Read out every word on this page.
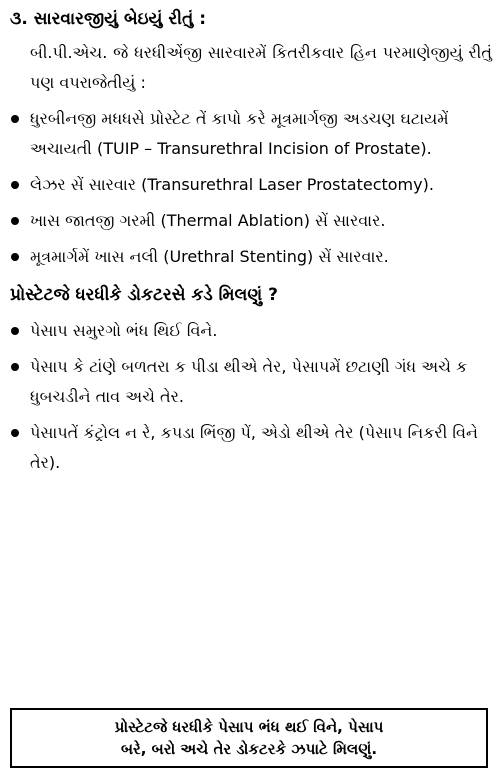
૩. સારવારજીયું બેઇયું રીતું :
બી.પી.એચ. જે ધરધીએંજી સારવારમેં કિતરીકવાર હિન પરમાણેજીયું રીતું પણ વપરાજેતીયું :
ધુરબીનજી મધધસે પ્રોસ્ટેટ તેં કાપો કરે મૂત્રમાર્ગજી અડચણ ઘટાયમેં અચાયતી (TUIP – Transurethral Incision of Prostate).
લેઝર સેં સારવાર (Transurethral Laser Prostatectomy).
ખાસ જાતજી ગરમી (Thermal Ablation) સેં સારવાર.
મૂત્રમાર્ગમેં ખાસ નલી (Urethral Stenting) સેં સારવાર.
પ્રોસ્ટેટજે ધરધીકે ડોકટરસે કડે મિલણું ?
પેસાપ સમુરગો ભંધ થિઈ વિને.
પેસાપ કે ટાંણે બળતરા ક પીડા થીએ તેર, પેસાપમેં છટાણી ગંધ અચે ક ધુબચડીને તાવ અચે તેર.
પેસાપતેં કંટ્રોલ ન રે, કપડા ભિંજી પેં, એડો થીએ તેર (પેસાપ નિકરી વિને તેર).
પ્રોસ્ટેટજે ધરધીકે પેસાપ ભંધ થઈ વિને, પેસાપ
બરે, બરો અચે તેર ડોકટરકે ઝપાટે મિલણું.
